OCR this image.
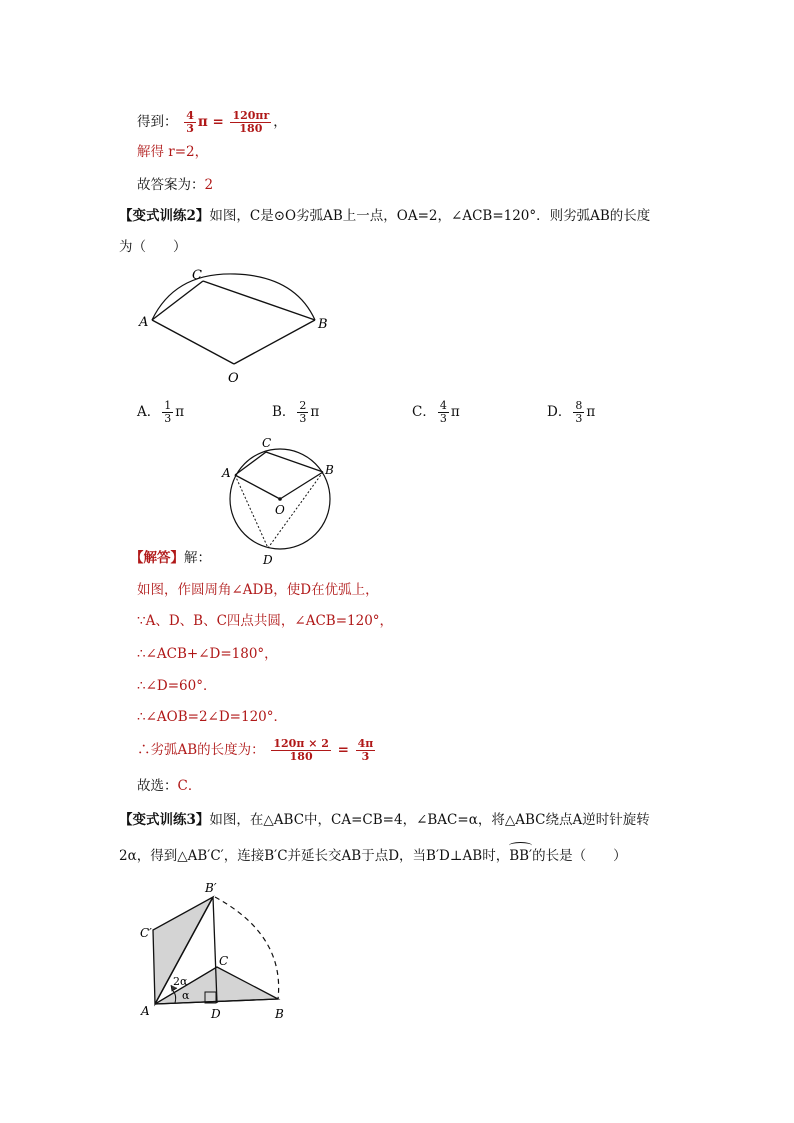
得到： $\frac{4}{3}$ $\pi = \frac{120\pi r}{180}$ ，
解得 r=2，
故答案为：2
【变式训练2】如图，C是⊙O劣弧AB上一点，OA=2，∠ACB=120°．则劣弧AB的长度
为（　　）
C
A	B
O
A． $\frac{1}{3}$ π	B． $\frac{2}{3}$ π	C． $\frac{4}{3}$ π	D． $\frac{8}{3}$ π
C
A	B
O
D
【解答】解：
如图，作圆周角∠ADB，使D在优弧上，
∵A、D、B、C四点共圆，∠ACB=120°，
∴∠ACB+∠D=180°，
∴∠D=60°．
∴∠AOB=2∠D=120°．
∴劣弧AB的长度为： $\frac{120\pi \times 2}{180} = \frac{4\pi}{3}$
故选：C．
【变式训练3】如图，在△ABC中，CA=CB=4，∠BAC=α，将△ABC绕点A逆时针旋转
2α，得到△AB′C′，连接B′C并延长交AB于点D，当B′D⊥AB时，
BB′的长是（　　）
B′
C′
C
2α
α
A	D	B
